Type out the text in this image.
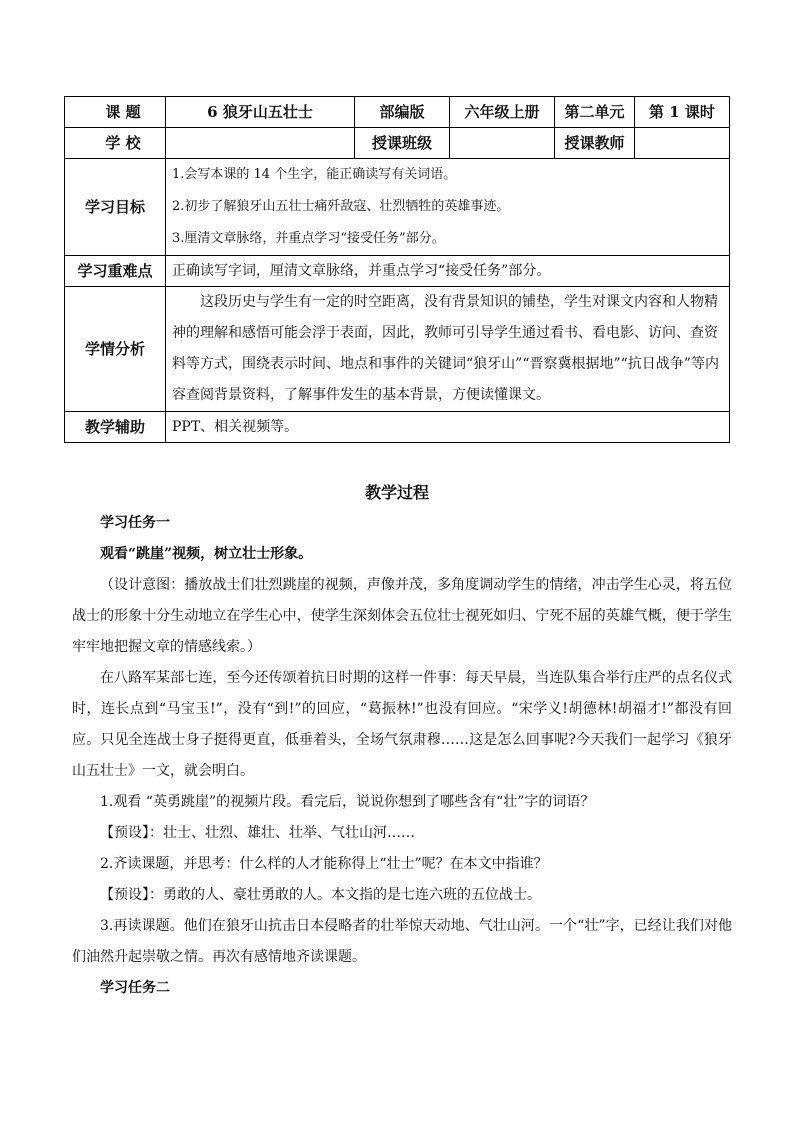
课 题	6 狼牙山五壮士	部编版	六年级上册	第二单元	第 1 课时
学 校		授课班级		授课教师	
学习目标	1.会写本课的 14 个生字，能正确读写有关词语。
2.初步了解狼牙山五壮士痛歼敌寇、壮烈牺牲的英雄事迹。
3.厘清文章脉络，并重点学习“接受任务”部分。				

学习重难点	正确读写字词，厘清文章脉络，并重点学习“接受任务”部分。				
学情分析	这段历史与学生有一定的时空距离，没有背景知识的铺垫，学生对课文内容和人物精神的理解和感悟可能会浮于表面，因此，教师可引导学生通过看书、看电影、访问、查资料等方式，围绕表示时间、地点和事件的关键词“狼牙山”“晋察冀根据地”“抗日战争”等内容查阅背景资料，了解事件发生的基本背景，方便读懂课文。				

教学辅助	PPT、相关视频等。				
教学过程
学习任务一
观看“跳崖”视频，树立壮士形象。
（设计意图：播放战士们壮烈跳崖的视频，声像并茂，多角度调动学生的情绪，冲击学生心灵，将五位战士的形象十分生动地立在学生心中，使学生深刻体会五位壮士视死如归、宁死不屈的英雄气概，便于学生牢牢地把握文章的情感线索。）
在八路军某部七连，至今还传颂着抗日时期的这样一件事：每天早晨，当连队集合举行庄严的点名仪式时，连长点到“马宝玉!”，没有“到!”的回应，“葛振林!”也没有回应。“宋学义!胡德林!胡福才!”都没有回应。只见全连战士身子挺得更直，低垂着头，全场气氛肃穆……这是怎么回事呢?今天我们一起学习《狼牙山五壮士》一文，就会明白。
1.观看 “英勇跳崖”的视频片段。看完后，说说你想到了哪些含有“壮”字的词语？
【预设】：壮士、壮烈、雄壮、壮举、气壮山河……
2.齐读课题，并思考：什么样的人才能称得上“壮士”呢？在本文中指谁？
【预设】：勇敢的人、豪壮勇敢的人。本文指的是七连六班的五位战士。
3.再读课题。他们在狼牙山抗击日本侵略者的壮举惊天动地、气壮山河。一个“壮”字，已经让我们对他们油然升起崇敬之情。再次有感情地齐读课题。
学习任务二
